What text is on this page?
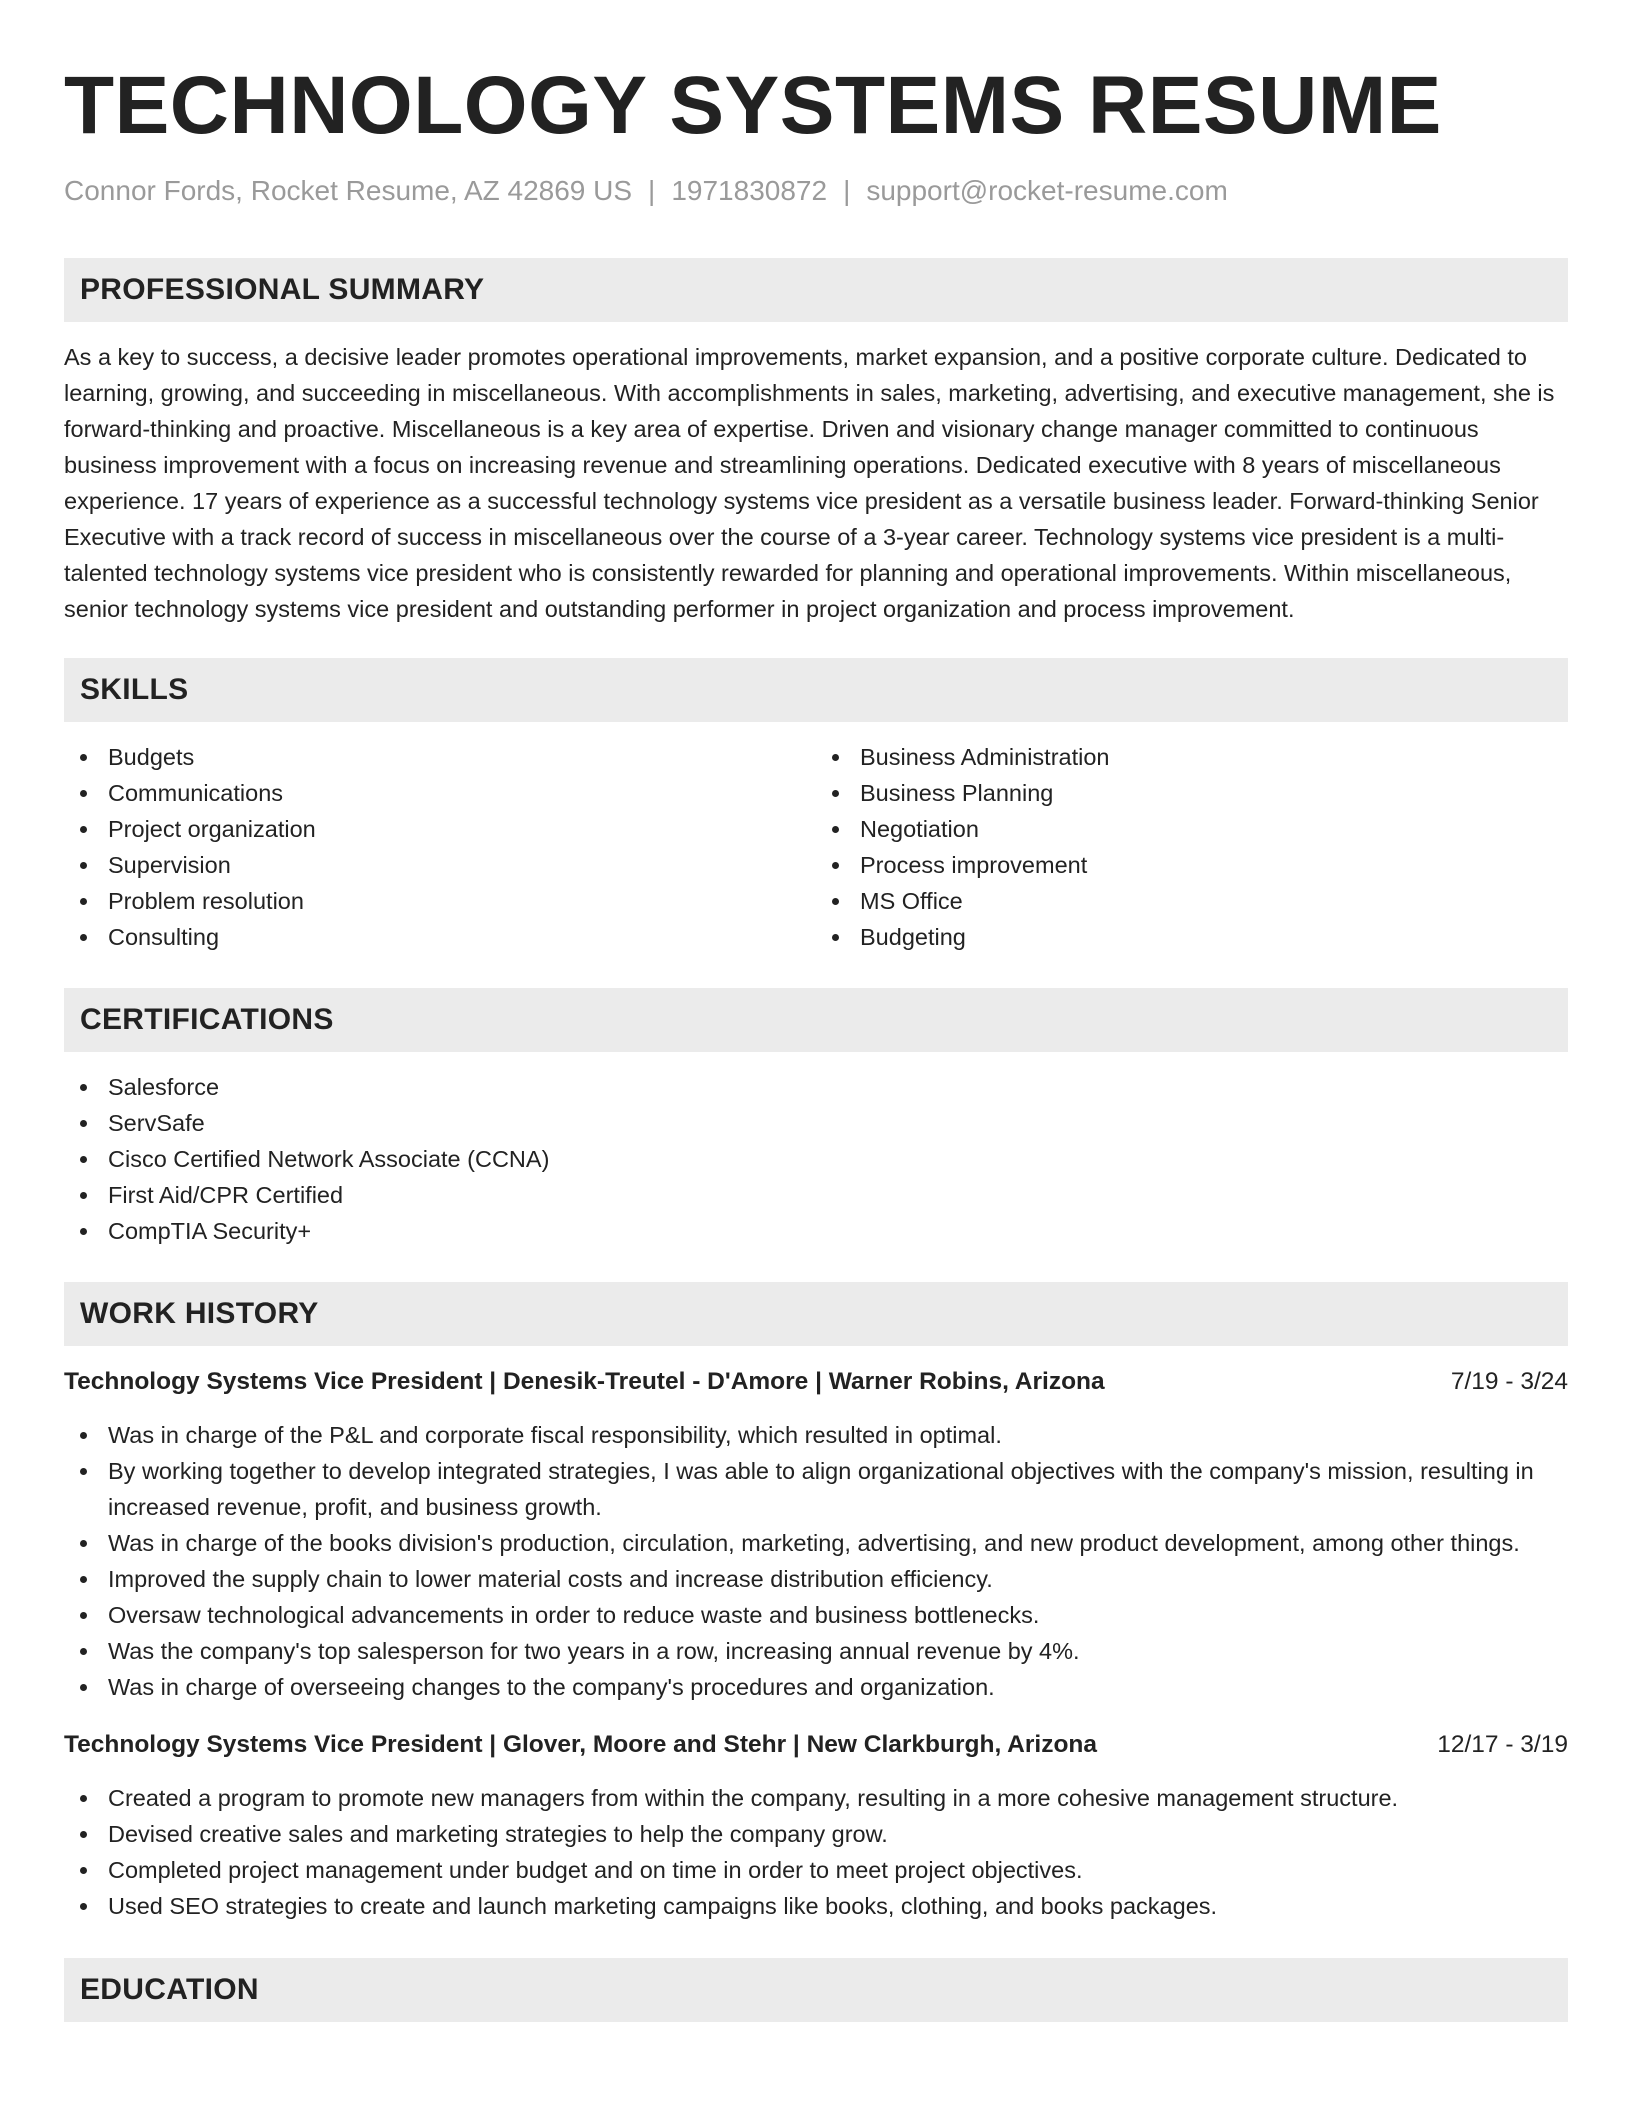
TECHNOLOGY SYSTEMS RESUME
Connor Fords, Rocket Resume, AZ 42869 US | 1971830872 | support@rocket-resume.com
PROFESSIONAL SUMMARY

As a key to success, a decisive leader promotes operational improvements, market expansion, and a positive corporate culture. Dedicated to learning, growing, and succeeding in miscellaneous. With accomplishments in sales, marketing, advertising, and executive management, she is forward-thinking and proactive. Miscellaneous is a key area of expertise. Driven and visionary change manager committed to continuous business improvement with a focus on increasing revenue and streamlining operations. Dedicated executive with 8 years of miscellaneous experience. 17 years of experience as a successful technology systems vice president as a versatile business leader. Forward-thinking Senior Executive with a track record of success in miscellaneous over the course of a 3-year career. Technology systems vice president is a multi-talented technology systems vice president who is consistently rewarded for planning and operational improvements. Within miscellaneous, senior technology systems vice president and outstanding performer in project organization and process improvement.

SKILLS
Budgets
Communications
Project organization
Supervision
Problem resolution
Consulting
Business Administration
Business Planning
Negotiation
Process improvement
MS Office
Budgeting
CERTIFICATIONS
Salesforce
ServSafe
Cisco Certified Network Associate (CCNA)
First Aid/CPR Certified
CompTIA Security+
WORK HISTORY
Technology Systems Vice President | Denesik-Treutel - D'Amore | Warner Robins, Arizona	7/19 - 3/24
Was in charge of the P&L and corporate fiscal responsibility, which resulted in optimal.
By working together to develop integrated strategies, I was able to align organizational objectives with the company's mission, resulting in increased revenue, profit, and business growth.
Was in charge of the books division's production, circulation, marketing, advertising, and new product development, among other things.
Improved the supply chain to lower material costs and increase distribution efficiency.
Oversaw technological advancements in order to reduce waste and business bottlenecks.
Was the company's top salesperson for two years in a row, increasing annual revenue by 4%.
Was in charge of overseeing changes to the company's procedures and organization.
Technology Systems Vice President | Glover, Moore and Stehr | New Clarkburgh, Arizona	12/17 - 3/19
Created a program to promote new managers from within the company, resulting in a more cohesive management structure.
Devised creative sales and marketing strategies to help the company grow.
Completed project management under budget and on time in order to meet project objectives.
Used SEO strategies to create and launch marketing campaigns like books, clothing, and books packages.
EDUCATION
